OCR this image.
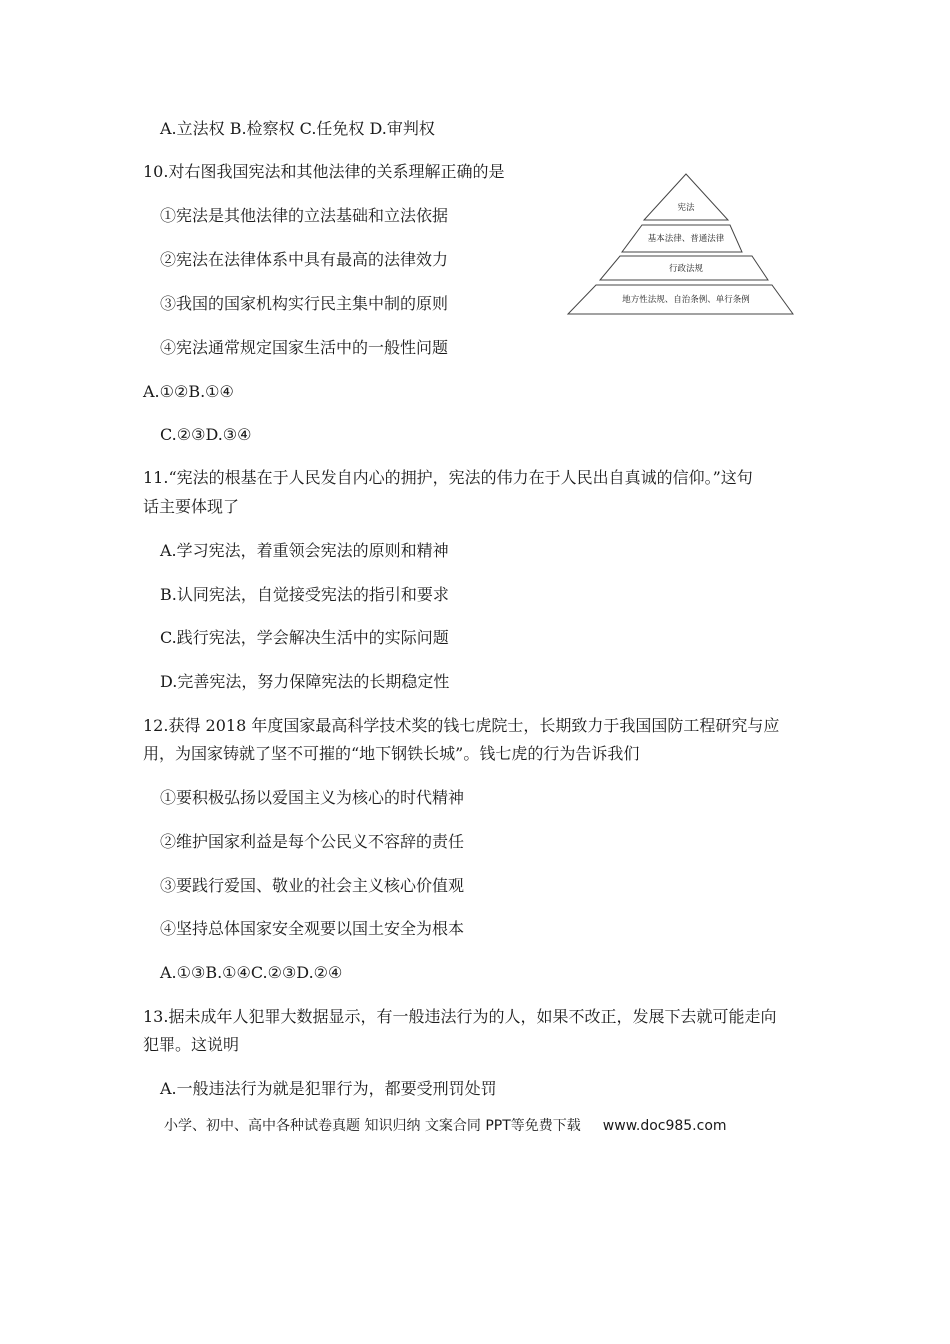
A.立法权 B.检察权 C.任免权 D.审判权
10.对右图我国宪法和其他法律的关系理解正确的是
①宪法是其他法律的立法基础和立法依据
②宪法在法律体系中具有最高的法律效力
③我国的国家机构实行民主集中制的原则
④宪法通常规定国家生活中的一般性问题
A.①②B.①④
C.②③D.③④
宪法
基本法律、普通法律
行政法规
地方性法规、自治条例、单行条例
11.“宪法的根基在于人民发自内心的拥护，宪法的伟力在于人民出自真诚的信仰。”这句
话主要体现了
A.学习宪法，着重领会宪法的原则和精神
B.认同宪法，自觉接受宪法的指引和要求
C.践行宪法，学会解决生活中的实际问题
D.完善宪法，努力保障宪法的长期稳定性
12.获得 2018 年度国家最高科学技术奖的钱七虎院士，长期致力于我国国防工程研究与应
用，为国家铸就了坚不可摧的“地下钢铁长城”。钱七虎的行为告诉我们
①要积极弘扬以爱国主义为核心的时代精神
②维护国家利益是每个公民义不容辞的责任
③要践行爱国、敬业的社会主义核心价值观
④坚持总体国家安全观要以国土安全为根本
A.①③B.①④C.②③D.②④
13.据未成年人犯罪大数据显示，有一般违法行为的人，如果不改正，发展下去就可能走向
犯罪。这说明
A.一般违法行为就是犯罪行为，都要受刑罚处罚
小学、初中、高中各种试卷真题 知识归纳 文案合同 PPT等免费下载 www.doc985.com
